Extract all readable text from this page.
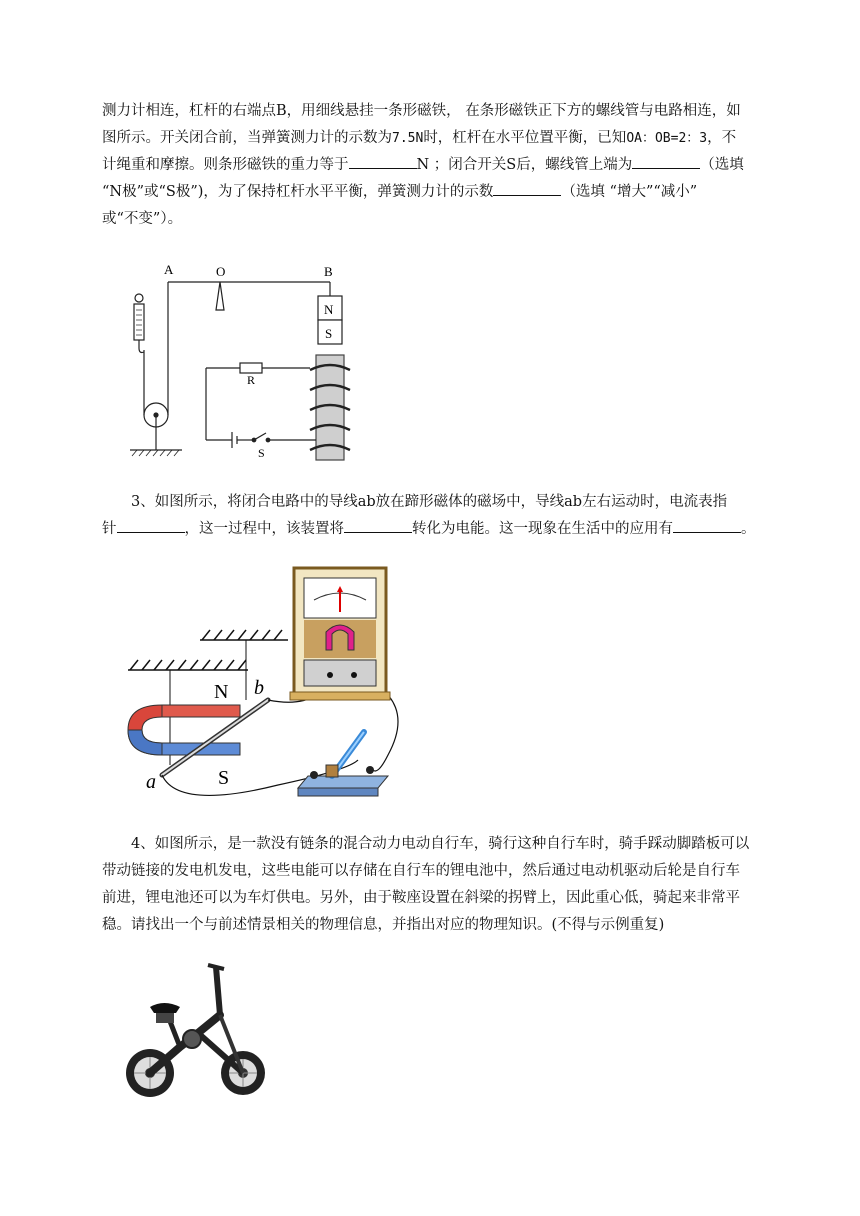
测力计相连，杠杆的右端点B，用细线悬挂一条形磁铁， 在条形磁铁正下方的螺线管与电路相连，如

图所示。开关闭合前，当弹簧测力计的示数为7.5N时，杠杆在水平位置平衡，已知OA：OB=2：3，不

计绳重和摩擦。则条形磁铁的重力等于	N ；闭合开关S后，螺线管上端为	（选填

“N极”或“S极”)，为了保持杠杆水平平衡，弹簧测力计的示数	（选填 “增大”“减小”

或“不变”）。

A	O	B
N
S
R
S

3、如图所示，将闭合电路中的导线ab放在蹄形磁体的磁场中，导线ab左右运动时，电流表指

针	，这一过程中，该装置将	转化为电能。这一现象在生活中的应用有	。

N
S
a
b

4、如图所示，是一款没有链条的混合动力电动自行车，骑行这种自行车时，骑手踩动脚踏板可以

带动链接的发电机发电，这些电能可以存储在自行车的锂电池中，然后通过电动机驱动后轮是自行车

前进，锂电池还可以为车灯供电。另外，由于鞍座设置在斜梁的拐臂上，因此重心低，骑起来非常平

稳。请找出一个与前述情景相关的物理信息，并指出对应的物理知识。(不得与示例重复)
